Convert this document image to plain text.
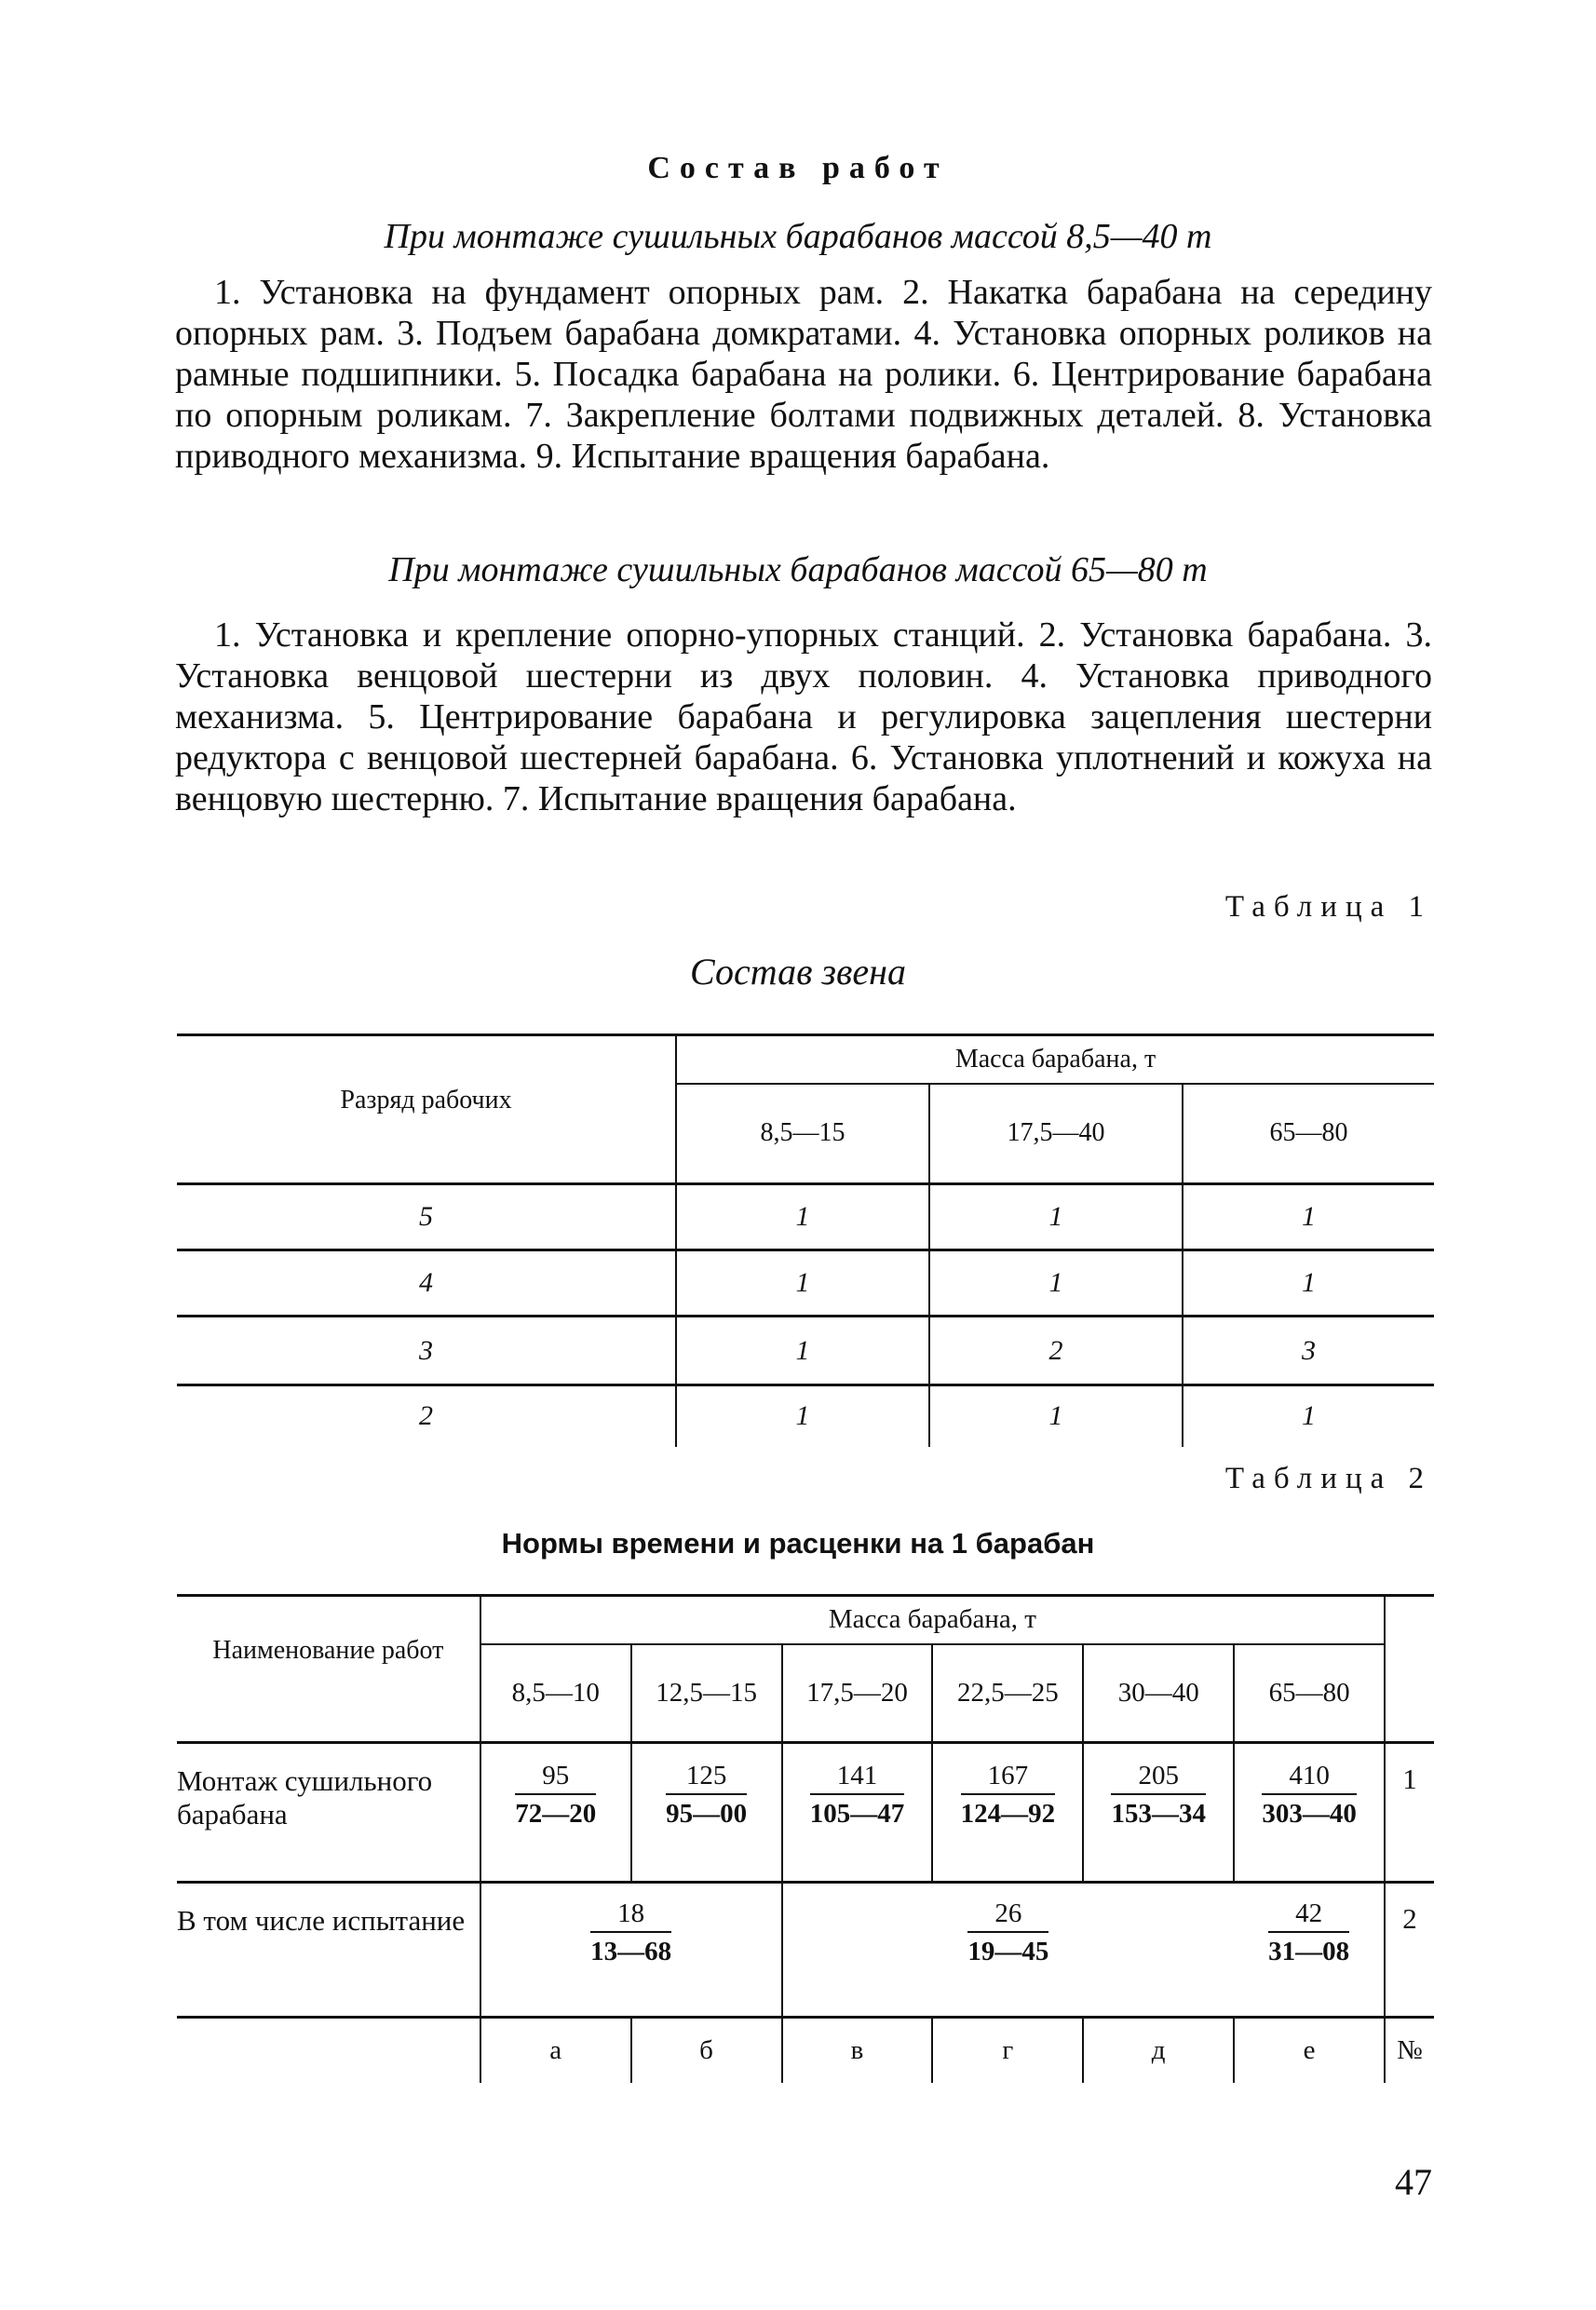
Состав работ
При монтаже сушильных барабанов массой 8,5—40 т

1. Установка на фундамент опорных рам. 2. Накатка барабана на середину опорных рам. 3. Подъем барабана домкратами. 4. Установка опорных роликов на рамные подшипники. 5. Посадка барабана на ролики. 6. Центрирование барабана по опорным роликам. 7. Закрепление болтами подвижных деталей. 8. Установка приводного механизма. 9. Испытание вращения барабана.

При монтаже сушильных барабанов массой 65—80 т

1. Установка и крепление опорно-упорных станций. 2. Установка барабана. 3. Установка венцовой шестерни из двух половин. 4. Установка приводного механизма. 5. Центрирование барабана и регулировка зацепления шестерни редуктора с венцовой шестерней барабана. 6. Установка уплотнений и кожуха на венцовую шестерню. 7. Испытание вращения барабана.

Таблица 1
Состав звена
Разряд рабочих	Масса барабана, т		
	8,5—15	17,5—40	65—80
5	1	1	1
4	1	1	1
3	1	2	3
2	1	1	1
Таблица 2
Нормы времени и расценки на 1 барабан
Наименование работ	Масса барабана, т						
	8,5—10	12,5—15	17,5—20	22,5—25	30—40	65—80	
Монтаж сушильного барабана	$\frac{95}{72—20}$	$\frac{125}{95—00}$	$\frac{141}{105—47}$	$\frac{167}{124—92}$	$\frac{205}{153—34}$	$\frac{410}{303—40}$	1
В том числе испытание	$\frac{18}{13—68}$		$\frac{26}{19—45}$			$\frac{42}{31—08}$	2
	а	б	в	г	д	е	№
47
